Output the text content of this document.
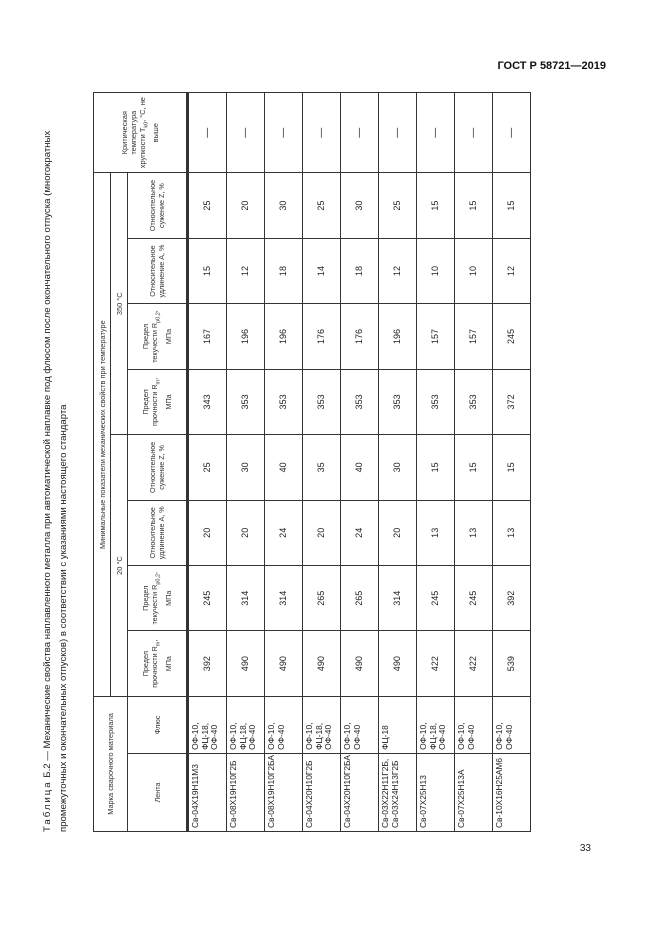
ГОСТ Р 58721—2019
Таблица Б.2 — Механические свойства наплавленного металла при автоматической наплавке под флюсом после окончательного отпуска (многократных промежуточных и окончательных отпусков) в соответствии с указаниями настоящего стандарта	Марка сварочного материала		Минимальные показатели механических свойств при температуре								Критическая температура хрупкости $T_{k0}$, °С, не выше
		20 °С				350 °С				
Лента	Флюс	Предел прочности $R_m$, МПа	Предел текучести $R_{p0,2}$, МПа	Относительное удлинение A, %	Относительное сужение Z, %	Предел прочности $R_m$, МПа	Предел текучести $R_{p0,2}$, МПа	Относительное удлинение A, %	Относительное сужение Z, %	

Св-04Х19Н11М3	ОФ-10, ФЦ-18, ОФ-40	392	245	20	25	343	167	15	25	—
Св-08Х19Н10Г2Б	ОФ-10, ФЦ-18, ОФ-40	490	314	20	30	353	196	12	20	—
Св-08Х19Н10Г2БА	ОФ-10, ОФ-40	490	314	24	40	353	196	18	30	—
Св-04Х20Н10Г2Б	ОФ-10, ФЦ-18, ОФ-40	490	265	20	35	353	176	14	25	—
Св-04Х20Н10Г2БА	ОФ-10, ОФ-40	490	265	24	40	353	176	18	30	—
Св-03Х22Н11Г2Б, Св-03Х24Н13Г2Б	ФЦ-18	490	314	20	30	353	196	12	25	—
Св-07Х25Н13	ОФ-10, ФЦ-18, ОФ-40	422	245	13	15	353	157	10	15	—
Св-07Х25Н13А	ОФ-10, ОФ-40	422	245	13	15	353	157	10	15	—
Св-10Х16Н25АМ6	ОФ-10, ОФ-40	539	392	13	15	372	245	12	15	—
33
